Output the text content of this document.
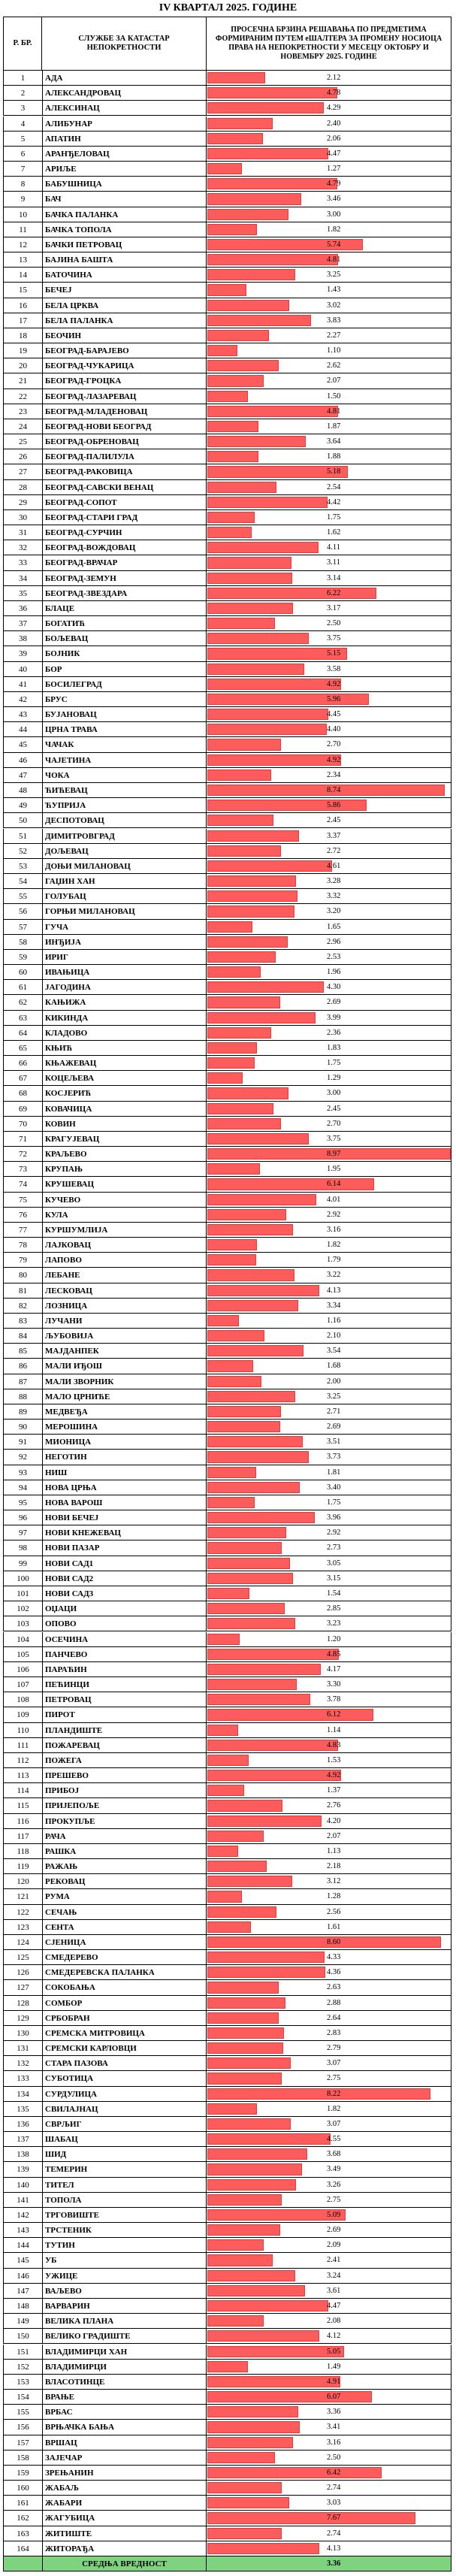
IV КВАРТАЛ 2025. ГОДИНЕ
Р. БР.
СЛУЖБЕ ЗА КАТАСТАР НЕПОКРЕТНОСТИ
ПРОСЕЧНА БРЗИНА РЕШАВАЊА ПО ПРЕДМЕТИМА ФОРМИРАНИМ ПУТЕМ еШАЛТЕРА ЗА ПРОМЕНУ НОСИОЦА ПРАВА НА НЕПОКРЕТНОСТИ У МЕСЕЦУ ОКТОБРУ И НОВЕМБРУ 2025. ГОДИНЕ
1	АДА	2.12
2	АЛЕКСАНДРОВАЦ	4.78
3	АЛЕКСИНАЦ	4.29
4	АЛИБУНАР	2.40
5	АПАТИН	2.06
6	АРАНЂЕЛОВАЦ	4.47
7	АРИЉЕ	1.27
8	БАБУШНИЦА	4.79
9	БАЧ	3.46
10	БАЧКА ПАЛАНКА	3.00
11	БАЧКА ТОПОЛА	1.82
12	БАЧКИ ПЕТРОВАЦ	5.74
13	БАЈИНА БАШТА	4.81
14	БАТОЧИНА	3.25
15	БЕЧЕЈ	1.43
16	БЕЛА ЦРКВА	3.02
17	БЕЛА ПАЛАНКА	3.83
18	БЕОЧИН	2.27
19	БЕОГРАД-БАРАЈЕВО	1.10
20	БЕОГРАД-ЧУКАРИЦА	2.62
21	БЕОГРАД-ГРОЦКА	2.07
22	БЕОГРАД-ЛАЗАРЕВАЦ	1.50
23	БЕОГРАД-МЛАДЕНОВАЦ	4.81
24	БЕОГРАД-НОВИ БЕОГРАД	1.87
25	БЕОГРАД-ОБРЕНОВАЦ	3.64
26	БЕОГРАД-ПАЛИЛУЛА	1.88
27	БЕОГРАД-РАКОВИЦА	5.18
28	БЕОГРАД-САВСКИ ВЕНАЦ	2.54
29	БЕОГРАД-СОПОТ	4.42
30	БЕОГРАД-СТАРИ ГРАД	1.75
31	БЕОГРАД-СУРЧИН	1.62
32	БЕОГРАД-ВОЖДОВАЦ	4.11
33	БЕОГРАД-ВРАЧАР	3.11
34	БЕОГРАД-ЗЕМУН	3.14
35	БЕОГРАД-ЗВЕЗДАРА	6.22
36	БЛАЦЕ	3.17
37	БОГАТИЋ	2.50
38	БОЉЕВАЦ	3.75
39	БОЈНИК	5.15
40	БОР	3.58
41	БОСИЛЕГРАД	4.92
42	БРУС	5.96
43	БУЈАНОВАЦ	4.45
44	ЦРНА ТРАВА	4.40
45	ЧАЧАК	2.70
46	ЧАЈЕТИНА	4.92
47	ЧОКА	2.34
48	ЋИЋЕВАЦ	8.74
49	ЋУПРИЈА	5.86
50	ДЕСПОТОВАЦ	2.45
51	ДИМИТРОВГРАД	3.37
52	ДОЉЕВАЦ	2.72
53	ДОЊИ МИЛАНОВАЦ	4.61
54	ГАЏИН ХАН	3.28
55	ГОЛУБАЦ	3.32
56	ГОРЊИ МИЛАНОВАЦ	3.20
57	ГУЧА	1.65
58	ИНЂИЈА	2.96
59	ИРИГ	2.53
60	ИВАЊИЦА	1.96
61	ЈАГОДИНА	4.30
62	КАЊИЖА	2.69
63	КИКИНДА	3.99
64	КЛАДОВО	2.36
65	КЊИЋ	1.83
66	КЊАЖЕВАЦ	1.75
67	КОЦЕЉЕВА	1.29
68	КОСЈЕРИЋ	3.00
69	КОВАЧИЦА	2.45
70	КОВИН	2.70
71	КРАГУЈЕВАЦ	3.75
72	КРАЉЕВО	8.97
73	КРУПАЊ	1.95
74	КРУШЕВАЦ	6.14
75	КУЧЕВО	4.01
76	КУЛА	2.92
77	КУРШУМЛИЈА	3.16
78	ЛАЈКОВАЦ	1.82
79	ЛАПОВО	1.79
80	ЛЕБАНЕ	3.22
81	ЛЕСКОВАЦ	4.13
82	ЛОЗНИЦА	3.34
83	ЛУЧАНИ	1.16
84	ЉУБОВИЈА	2.10
85	МАЈДАНПЕК	3.54
86	МАЛИ ИЂОШ	1.68
87	МАЛИ ЗВОРНИК	2.00
88	МАЛО ЦРНИЋЕ	3.25
89	МЕДВЕЂА	2.71
90	МЕРОШИНА	2.69
91	МИОНИЦА	3.51
92	НЕГОТИН	3.73
93	НИШ	1.81
94	НОВА ЦРЊА	3.40
95	НОВА ВАРОШ	1.75
96	НОВИ БЕЧЕЈ	3.96
97	НОВИ КНЕЖЕВАЦ	2.92
98	НОВИ ПАЗАР	2.73
99	НОВИ САД1	3.05
100	НОВИ САД2	3.15
101	НОВИ САД3	1.54
102	ОЏАЦИ	2.85
103	ОПОВО	3.23
104	ОСЕЧИНА	1.20
105	ПАНЧЕВО	4.85
106	ПАРАЋИН	4.17
107	ПЕЋИНЦИ	3.30
108	ПЕТРОВАЦ	3.78
109	ПИРОТ	6.12
110	ПЛАНДИШТЕ	1.14
111	ПОЖАРЕВАЦ	4.83
112	ПОЖЕГА	1.53
113	ПРЕШЕВО	4.92
114	ПРИБОЈ	1.37
115	ПРИЈЕПОЉЕ	2.76
116	ПРОКУПЉЕ	4.20
117	РАЧА	2.07
118	РАШКА	1.13
119	РАЖАЊ	2.18
120	РЕКОВАЦ	3.12
121	РУМА	1.28
122	СЕЧАЊ	2.56
123	СЕНТА	1.61
124	СЈЕНИЦА	8.60
125	СМЕДЕРЕВО	4.33
126	СМЕДЕРЕВСКА ПАЛАНКА	4.36
127	СОКОБАЊА	2.63
128	СОМБОР	2.88
129	СРБОБРАН	2.64
130	СРЕМСКА МИТРОВИЦА	2.83
131	СРЕМСКИ КАРЛОВЦИ	2.79
132	СТАРА ПАЗОВА	3.07
133	СУБОТИЦА	2.75
134	СУРДУЛИЦА	8.22
135	СВИЛАЈНАЦ	1.82
136	СВРЉИГ	3.07
137	ШАБАЦ	4.55
138	ШИД	3.68
139	ТЕМЕРИН	3.49
140	ТИТЕЛ	3.26
141	ТОПОЛА	2.75
142	ТРГОВИШТЕ	5.09
143	ТРСТЕНИК	2.69
144	ТУТИН	2.09
145	УБ	2.41
146	УЖИЦЕ	3.24
147	ВАЉЕВО	3.61
148	ВАРВАРИН	4.47
149	ВЕЛИКА ПЛАНА	2.08
150	ВЕЛИКО ГРАДИШТЕ	4.12
151	ВЛАДИМИРЦИ ХАН	5.05
152	ВЛАДИМИРЦИ	1.49
153	ВЛАСОТИНЦЕ	4.91
154	ВРАЊЕ	6.07
155	ВРБАС	3.36
156	ВРЊАЧКА БАЊА	3.41
157	ВРШАЦ	3.16
158	ЗАЈЕЧАР	2.50
159	ЗРЕЊАНИН	6.42
160	ЖАБАЉ	2.74
161	ЖАБАРИ	3.03
162	ЖАГУБИЦА	7.67
163	ЖИТИШТЕ	2.74
164	ЖИТОРАЂА	4.13
СРЕДЊА ВРЕДНОСТ	3.36
